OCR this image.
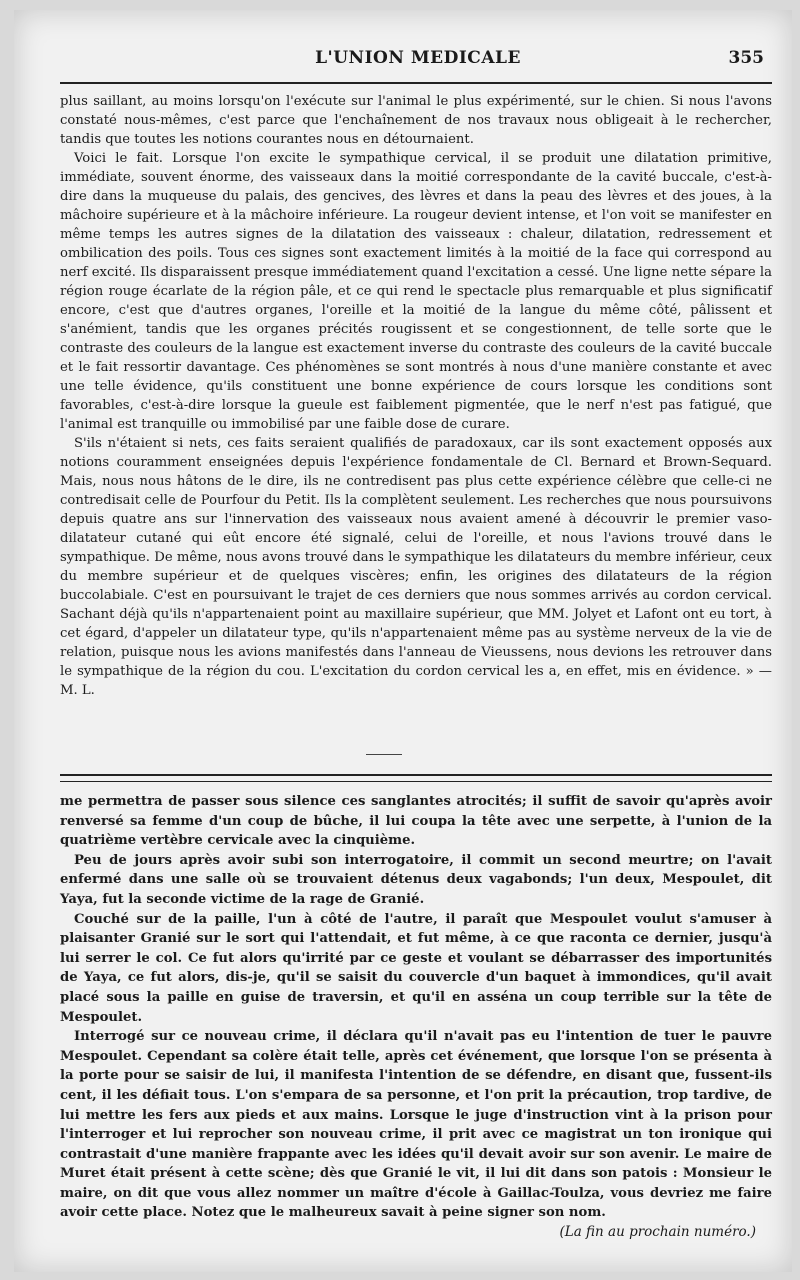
L'UNION MEDICALE	355

plus saillant, au moins lorsqu'on l'exécute sur l'animal le plus expérimenté, sur le chien. Si nous l'avons constaté nous-mêmes, c'est parce que l'enchaînement de nos travaux nous obligeait à le rechercher, tandis que toutes les notions courantes nous en détournaient.

Voici le fait. Lorsque l'on excite le sympathique cervical, il se produit une dilatation primitive, immédiate, souvent énorme, des vaisseaux dans la moitié correspondante de la cavité buccale, c'est-à-dire dans la muqueuse du palais, des gencives, des lèvres et dans la peau des lèvres et des joues, à la mâchoire supérieure et à la mâchoire inférieure. La rougeur devient intense, et l'on voit se manifester en même temps les autres signes de la dilatation des vaisseaux : chaleur, dilatation, redressement et ombilication des poils. Tous ces signes sont exactement limités à la moitié de la face qui correspond au nerf excité. Ils disparaissent presque immédiatement quand l'excitation a cessé. Une ligne nette sépare la région rouge écarlate de la région pâle, et ce qui rend le spectacle plus remarquable et plus significatif encore, c'est que d'autres organes, l'oreille et la moitié de la langue du même côté, pâlissent et s'anémient, tandis que les organes précités rougissent et se congestionnent, de telle sorte que le contraste des couleurs de la langue est exactement inverse du contraste des couleurs de la cavité buccale et le fait ressortir davantage. Ces phénomènes se sont montrés à nous d'une manière constante et avec une telle évidence, qu'ils constituent une bonne expérience de cours lorsque les conditions sont favorables, c'est-à-dire lorsque la gueule est faiblement pigmentée, que le nerf n'est pas fatigué, que l'animal est tranquille ou immobilisé par une faible dose de curare.

S'ils n'étaient si nets, ces faits seraient qualifiés de paradoxaux, car ils sont exactement opposés aux notions couramment enseignées depuis l'expérience fondamentale de Cl. Bernard et Brown-Sequard. Mais, nous nous hâtons de le dire, ils ne contredisent pas plus cette expérience célèbre que celle-ci ne contredisait celle de Pourfour du Petit. Ils la complètent seulement. Les recherches que nous poursuivons depuis quatre ans sur l'innervation des vaisseaux nous avaient amené à découvrir le premier vaso-dilatateur cutané qui eût encore été signalé, celui de l'oreille, et nous l'avions trouvé dans le sympathique. De même, nous avons trouvé dans le sympathique les dilatateurs du membre inférieur, ceux du membre supérieur et de quelques viscères; enfin, les origines des dilatateurs de la région buccolabiale. C'est en poursuivant le trajet de ces derniers que nous sommes arrivés au cordon cervical. Sachant déjà qu'ils n'appartenaient point au maxillaire supérieur, que MM. Jolyet et Lafont ont eu tort, à cet égard, d'appeler un dilatateur type, qu'ils n'appartenaient même pas au système nerveux de la vie de relation, puisque nous les avions manifestés dans l'anneau de Vieussens, nous devions les retrouver dans le sympathique de la région du cou. L'excitation du cordon cervical les a, en effet, mis en évidence. » — M. L.

me permettra de passer sous silence ces sanglantes atrocités; il suffit de savoir qu'après avoir renversé sa femme d'un coup de bûche, il lui coupa la tête avec une serpette, à l'union de la quatrième vertèbre cervicale avec la cinquième.

Peu de jours après avoir subi son interrogatoire, il commit un second meurtre; on l'avait enfermé dans une salle où se trouvaient détenus deux vagabonds; l'un deux, Mespoulet, dit Yaya, fut la seconde victime de la rage de Granié.

Couché sur de la paille, l'un à côté de l'autre, il paraît que Mespoulet voulut s'amuser à plaisanter Granié sur le sort qui l'attendait, et fut même, à ce que raconta ce dernier, jusqu'à lui serrer le col. Ce fut alors qu'irrité par ce geste et voulant se débarrasser des importunités de Yaya, ce fut alors, dis-je, qu'il se saisit du couvercle d'un baquet à immondices, qu'il avait placé sous la paille en guise de traversin, et qu'il en asséna un coup terrible sur la tête de Mespoulet.

Interrogé sur ce nouveau crime, il déclara qu'il n'avait pas eu l'intention de tuer le pauvre Mespoulet. Cependant sa colère était telle, après cet événement, que lorsque l'on se présenta à la porte pour se saisir de lui, il manifesta l'intention de se défendre, en disant que, fussent-ils cent, il les défiait tous. L'on s'empara de sa personne, et l'on prit la précaution, trop tardive, de lui mettre les fers aux pieds et aux mains. Lorsque le juge d'instruction vint à la prison pour l'interroger et lui reprocher son nouveau crime, il prit avec ce magistrat un ton ironique qui contrastait d'une manière frappante avec les idées qu'il devait avoir sur son avenir. Le maire de Muret était présent à cette scène; dès que Granié le vit, il lui dit dans son patois : Monsieur le maire, on dit que vous allez nommer un maître d'école à Gaillac-Toulza, vous devriez me faire avoir cette place. Notez que le malheureux savait à peine signer son nom.

(La fin au prochain numéro.)
